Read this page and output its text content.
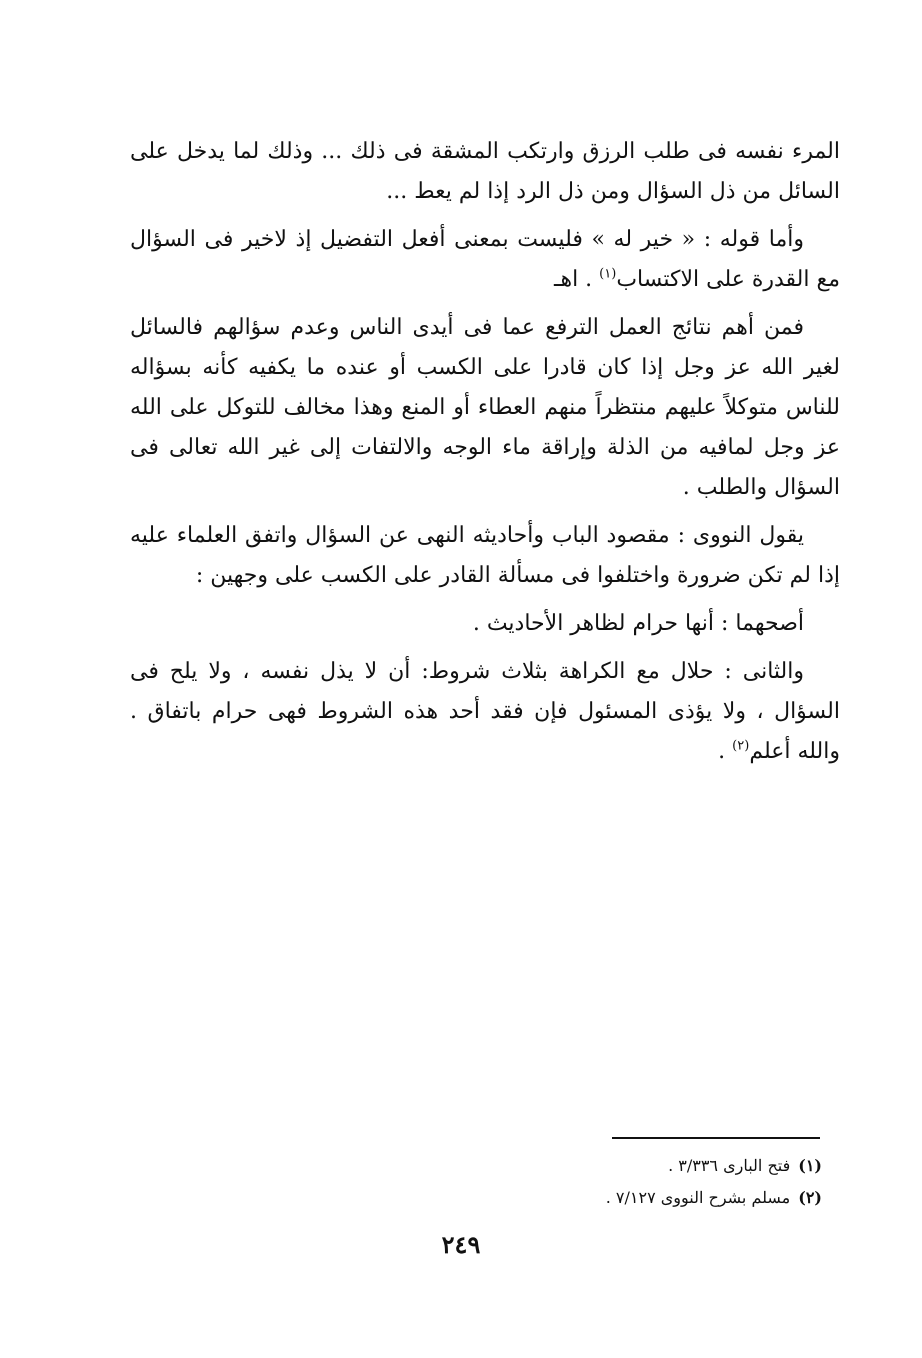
المرء نفسه فى طلب الرزق وارتكب المشقة فى ذلك ... وذلك لما يدخل على السائل من ذل السؤال ومن ذل الرد إذا لم يعط ...

وأما قوله : « خير له » فليست بمعنى أفعل التفضيل إذ لاخير فى السؤال مع القدرة على الاكتساب$^{(١)}$ . اهـ

فمن أهم نتائج العمل الترفع عما فى أيدى الناس وعدم سؤالهم فالسائل لغير الله عز وجل إذا كان قادرا على الكسب أو عنده ما يكفيه كأنه بسؤاله للناس متوكلاً عليهم منتظراً منهم العطاء أو المنع وهذا مخالف للتوكل على الله عز وجل لمافيه من الذلة وإراقة ماء الوجه والالتفات إلى غير الله تعالى فى السؤال والطلب .

يقول النووى : مقصود الباب وأحاديثه النهى عن السؤال واتفق العلماء عليه إذا لم تكن ضرورة واختلفوا فى مسألة القادر على الكسب على وجهين :

أصحهما : أنها حرام لظاهر الأحاديث .

والثانى : حلال مع الكراهة بثلاث شروط: أن لا يذل نفسه ، ولا يلح فى السؤال ، ولا يؤذى المسئول فإن فقد أحد هذه الشروط فهى حرام باتفاق . والله أعلم$^{(٢)}$ .

(١)فتح البارى ٣/٣٣٦ .
(٢)مسلم بشرح النووى ٧/١٢٧ .
٢٤٩
